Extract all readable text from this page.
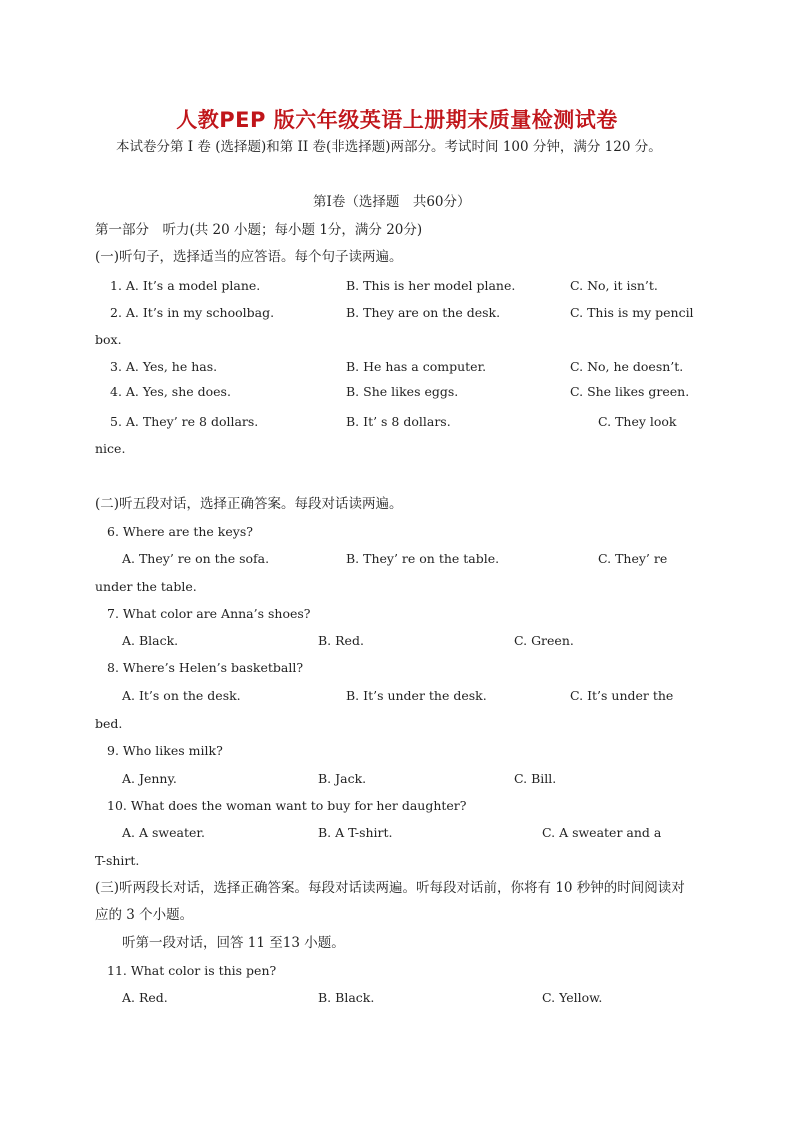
人教PEP 版六年级英语上册期末质量检测试卷
本试卷分第 I 卷 (选择题)和第 II 卷(非选择题)两部分。考试时间 100 分钟，满分 120 分。
第Ⅰ卷（选择题　共60分）
第一部分　听力(共 20 小题；每小题 1分，满分 20分)
(一)听句子，选择适当的应答语。每个句子读两遍。
1. A. It’s a model plane.	B. This is her model plane.	C. No, it isn’t.
2. A. It’s in my schoolbag.	B. They are on the desk.	C. This is my pencil
box.
3. A. Yes, he has.	B. He has a computer.	C. No, he doesn’t.
4. A. Yes, she does.	B. She likes eggs.	C. She likes green.
5. A. They’ re 8 dollars.	B. It’ s 8 dollars.	C. They look
nice.
(二)听五段对话，选择正确答案。每段对话读两遍。
6. Where are the keys?
A. They’ re on the sofa.	B. They’ re on the table.	C. They’ re
under the table.
7. What color are Anna’s shoes?
A. Black.	B. Red.	C. Green.
8. Where’s Helen’s basketball?
A. It’s on the desk.	B. It’s under the desk.	C. It’s under the
bed.
9. Who likes milk?
A. Jenny.	B. Jack.	C. Bill.
10. What does the woman want to buy for her daughter?
A. A sweater.	B. A T-shirt.	C. A sweater and a
T-shirt.
(三)听两段长对话，选择正确答案。每段对话读两遍。听每段对话前，你将有 10 秒钟的时间阅读对
应的 3 个小题。
听第一段对话，回答 11 至13 小题。
11. What color is this pen?
A. Red.	B. Black.	C. Yellow.
